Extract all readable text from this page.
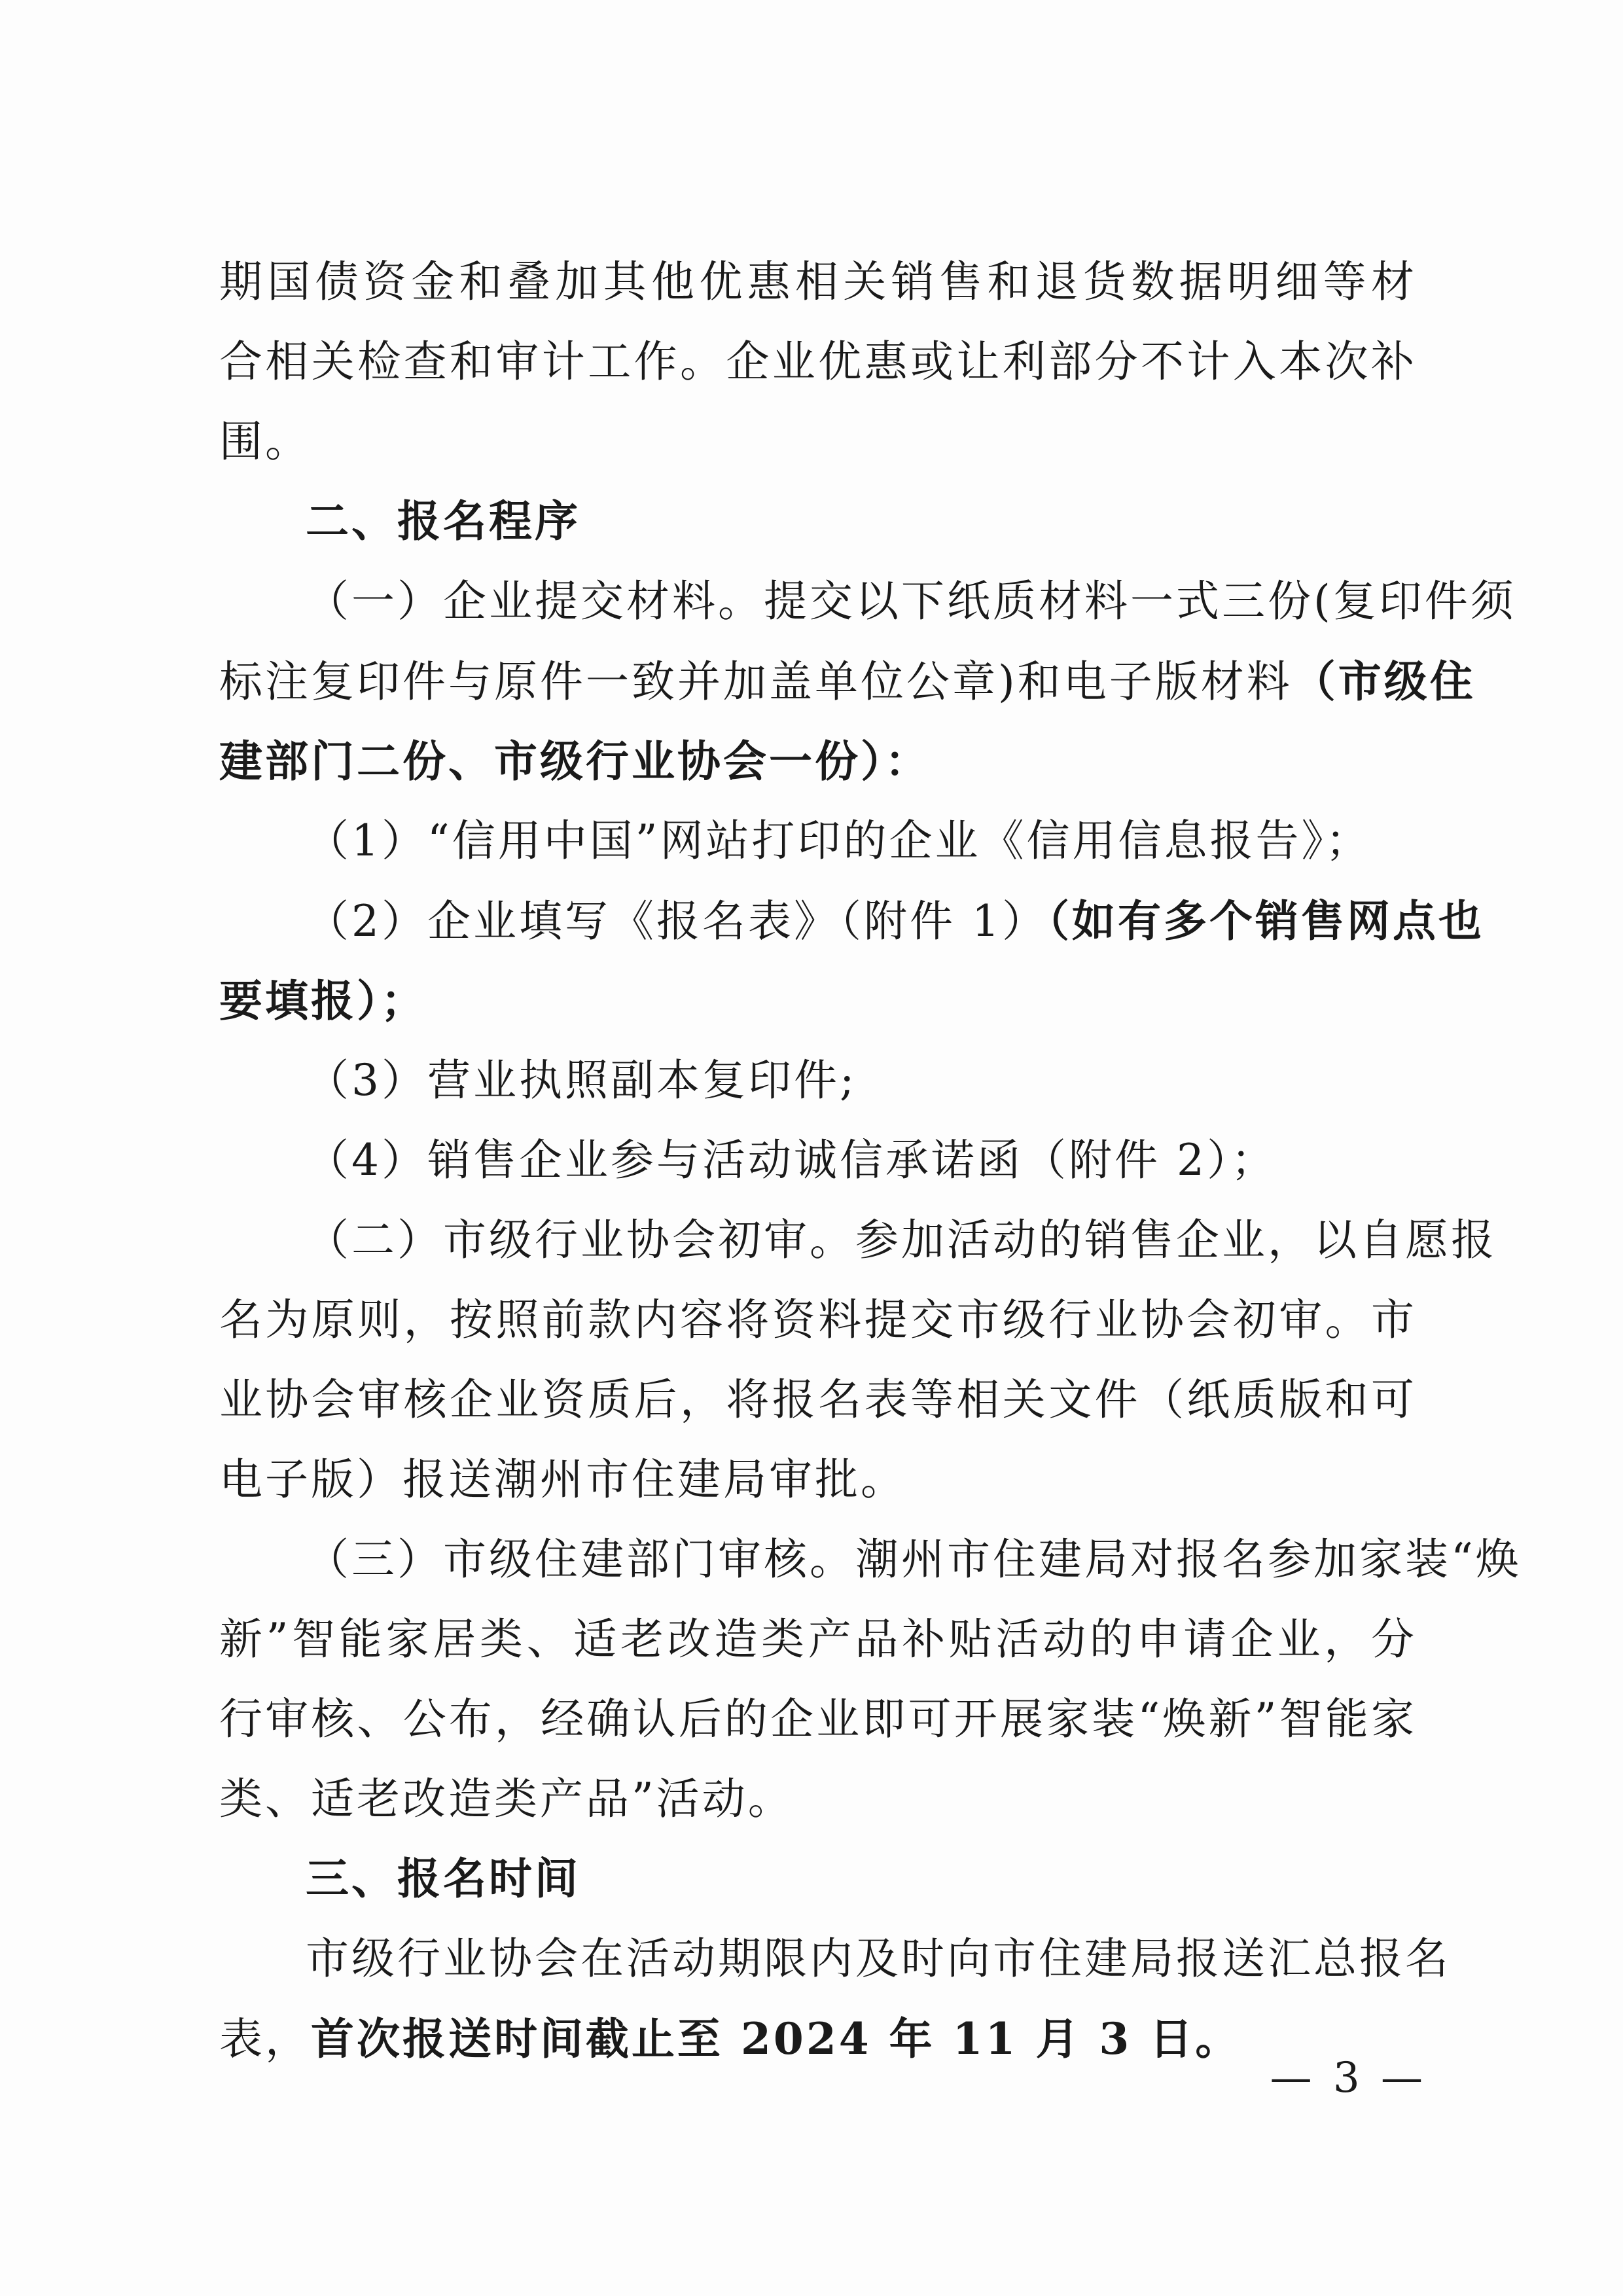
期国债资金和叠加其他优惠相关销售和退货数据明细等材
合相关检查和审计工作。企业优惠或让利部分不计入本次补
围。
二、报名程序
（一）企业提交材料。提交以下纸质材料一式三份(复印件须
标注复印件与原件一致并加盖单位公章)和电子版材料（市级住
建部门二份、市级行业协会一份）：
（1）“信用中国”网站打印的企业《信用信息报告》；
（2）企业填写《报名表》（附件 1）（如有多个销售网点也
要填报）；
（3）营业执照副本复印件;
（4）销售企业参与活动诚信承诺函（附件 2）；
（二）市级行业协会初审。参加活动的销售企业，以自愿报
名为原则，按照前款内容将资料提交市级行业协会初审。市
业协会审核企业资质后，将报名表等相关文件（纸质版和可
电子版）报送潮州市住建局审批。
（三）市级住建部门审核。潮州市住建局对报名参加家装“焕
新”智能家居类、适老改造类产品补贴活动的申请企业，分
行审核、公布，经确认后的企业即可开展家装“焕新”智能家
类、适老改造类产品”活动。
三、报名时间
市级行业协会在活动期限内及时向市住建局报送汇总报名
表，首次报送时间截止至 2024 年 11 月 3 日。
— 3 —
